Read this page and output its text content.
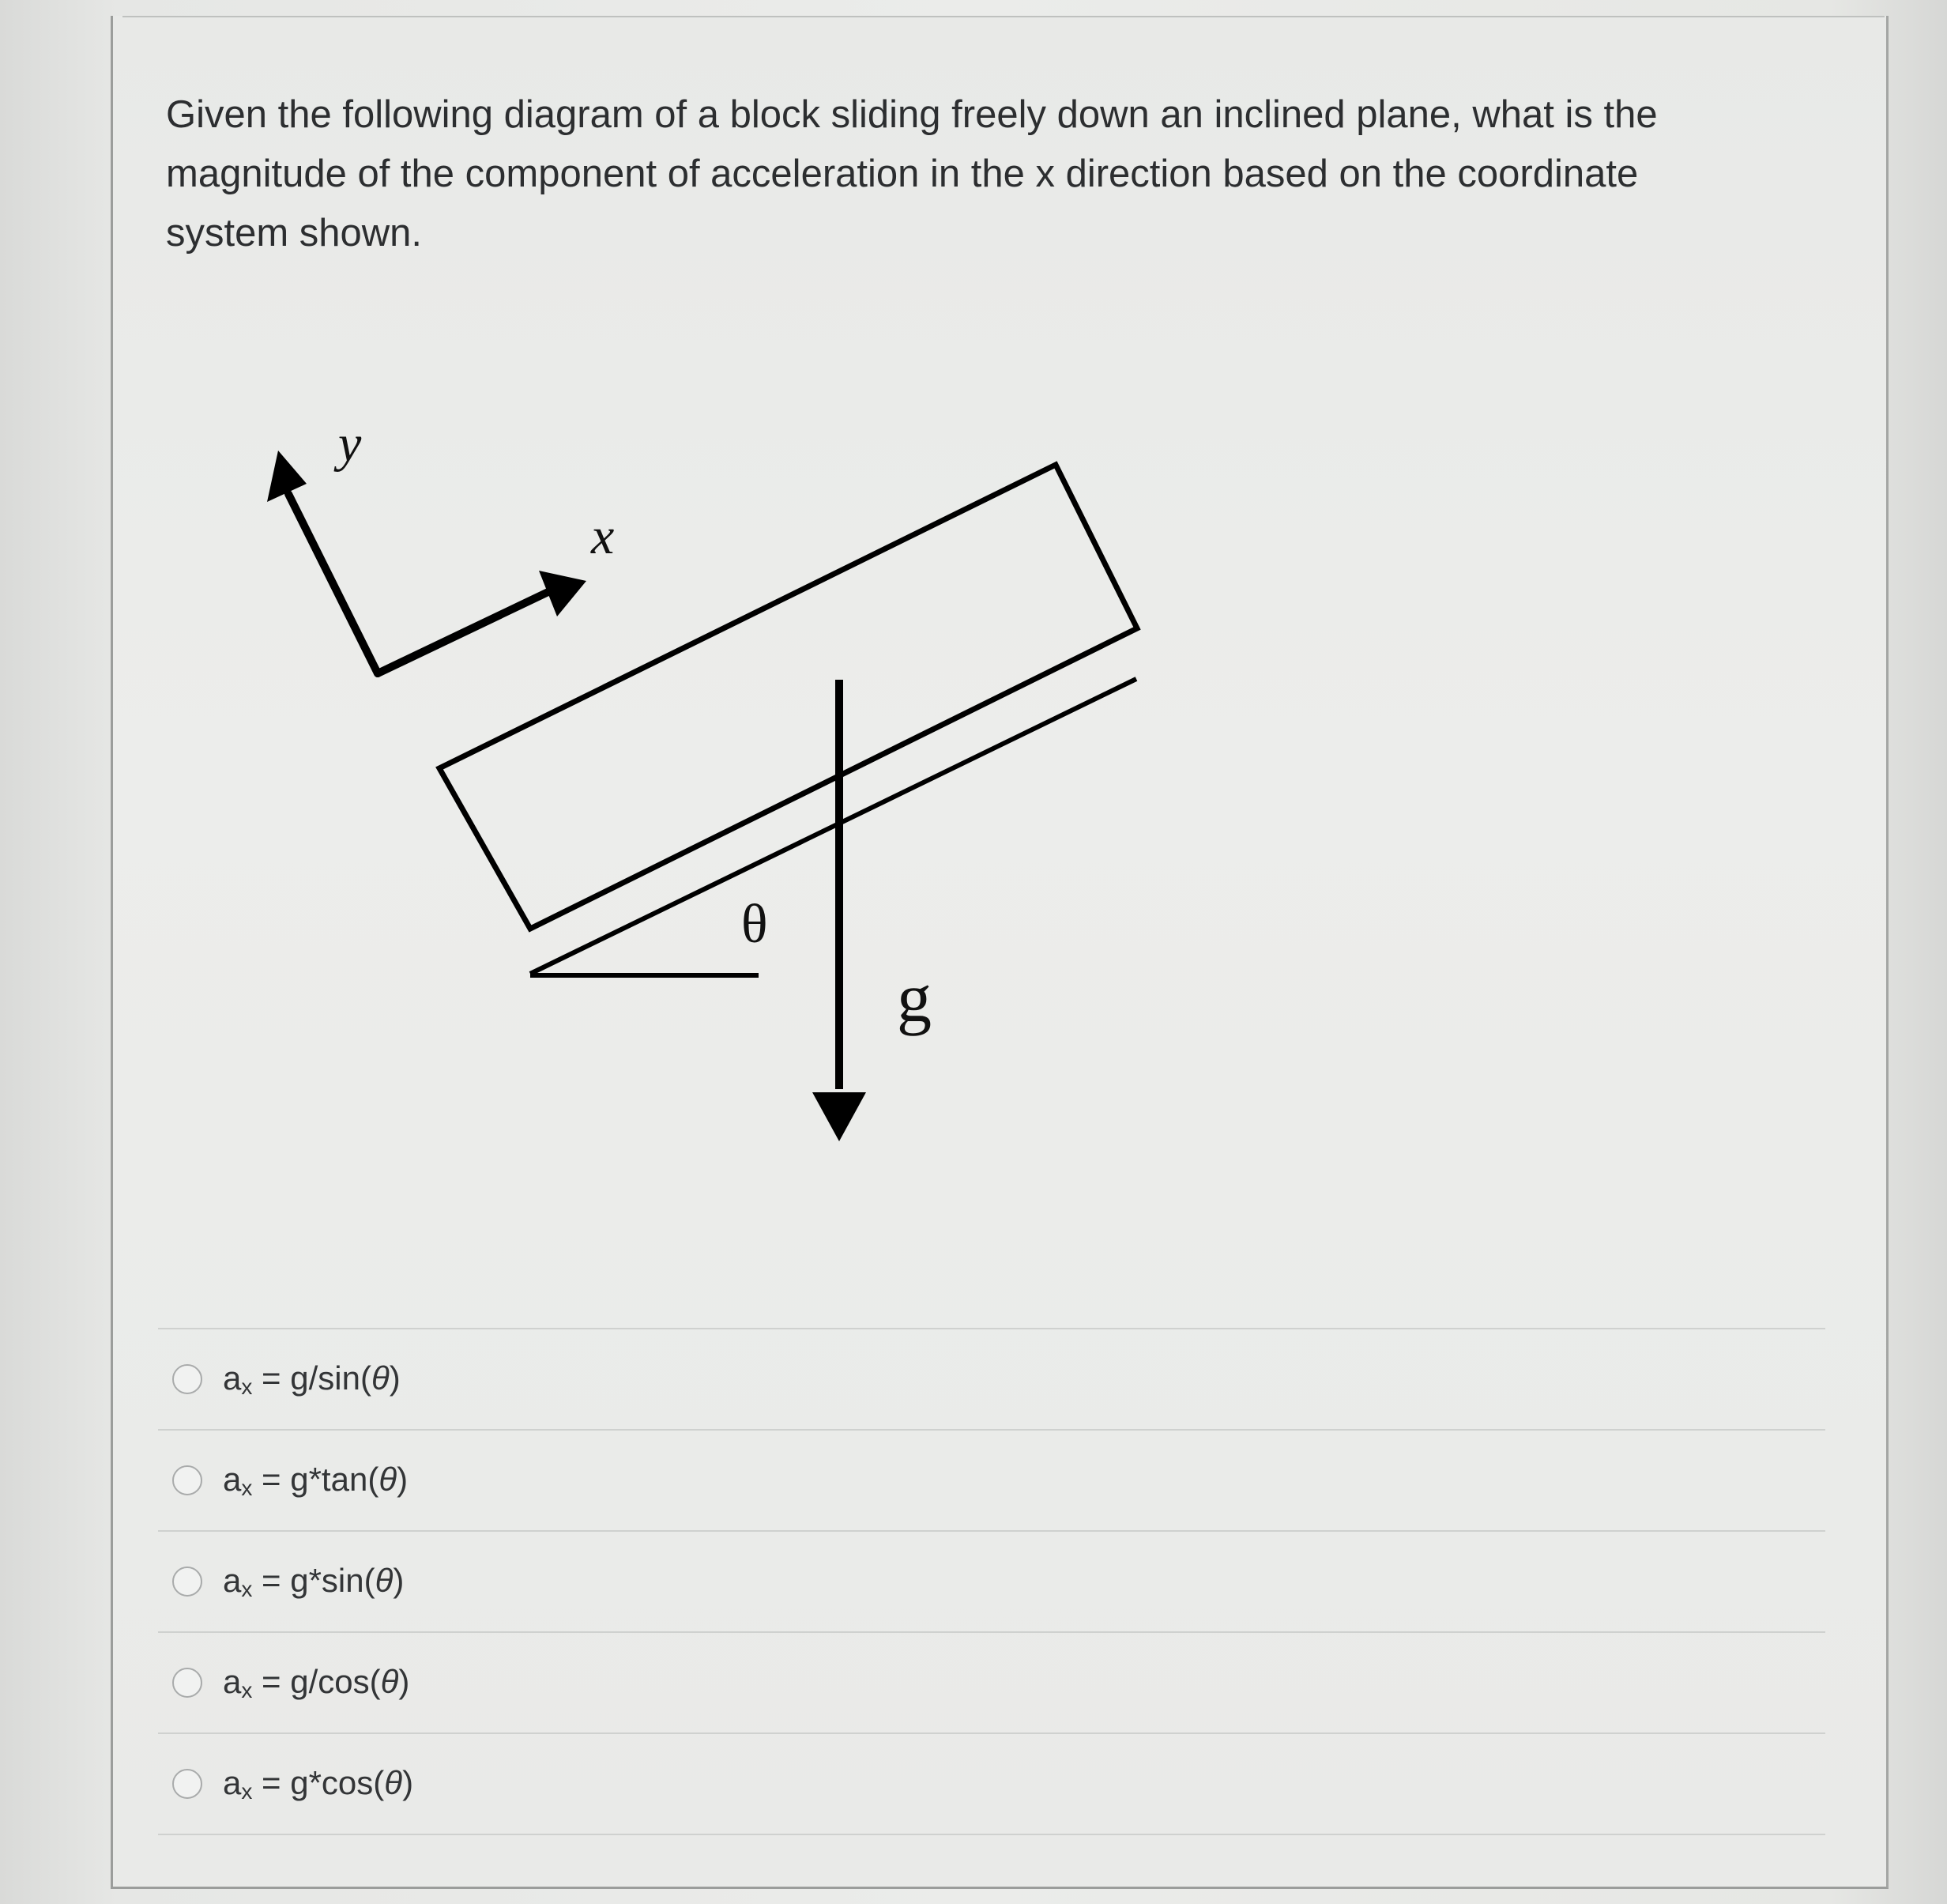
Given the following diagram of a block sliding freely down an inclined plane, what is the
magnitude of the component of acceleration in the x direction based on the coordinate
system shown.
y
x
θ
g
$a_x = g/\sin(\theta)$
$a_x = g*\tan(\theta)$
$a_x = g*\sin(\theta)$
$a_x = g/\cos(\theta)$
$a_x = g*\cos(\theta)$
